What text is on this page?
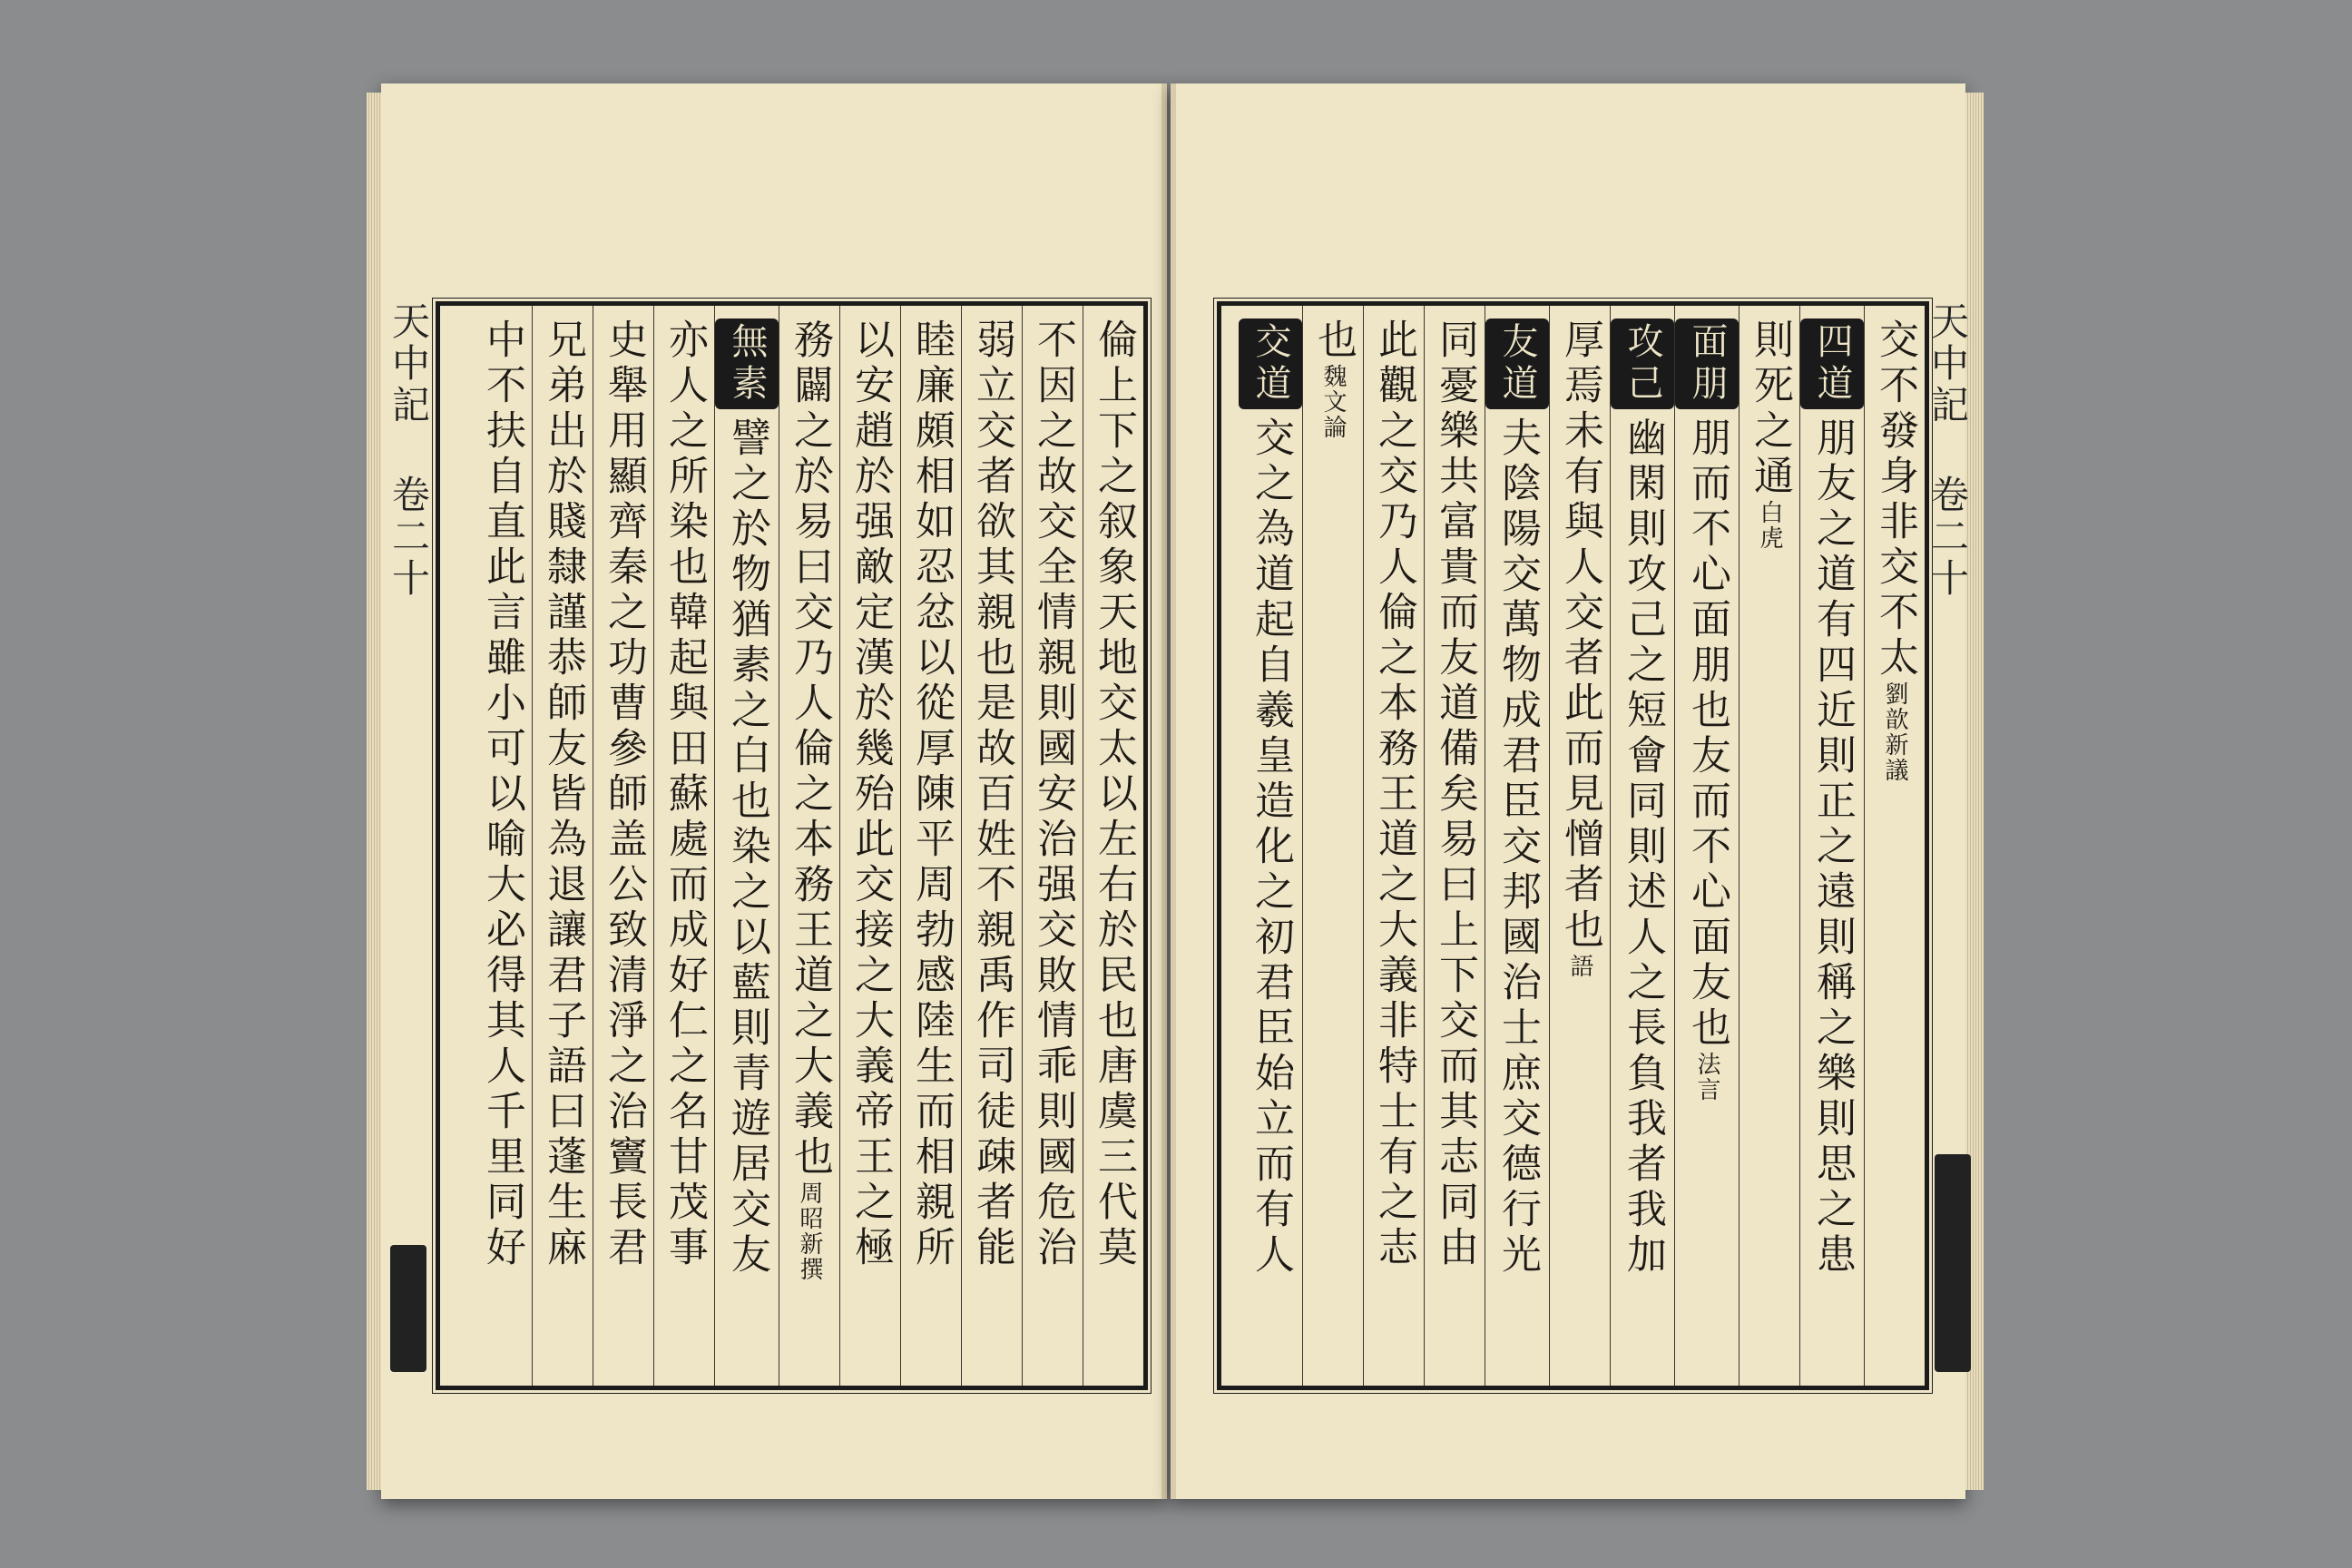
天中記 卷二十	倫上下之叙象天地交太以左右於民也唐虞三代莫
不因之故交全情親則國安治强交敗情乖則國危治
弱立交者欲其親也是故百姓不親禹作司徒疎者能
睦廉頗相如忍忿以從厚陳平周勃感陸生而相親所
以安趙於强敵定漢於幾殆此交接之大義帝王之極
務闢之於易曰交乃人倫之本務王道之大義也周昭新撰
無素譬之於物猶素之白也染之以藍則青遊居交友
亦人之所染也韓起與田蘇處而成好仁之名甘茂事
史舉用顯齊秦之功曹參師盖公致清淨之治竇長君
兄弟出於賤隸謹恭師友皆為退讓君子語曰蓬生麻
中不扶自直此言雖小可以喻大必得其人千里同好	天中記 卷二十
交不發身非交不太劉歆新議
四道朋友之道有四近則正之遠則稱之樂則思之患
則死之通白虎
面朋朋而不心面朋也友而不心面友也法言
攻己幽閑則攻己之短會同則述人之長負我者我加
厚焉未有與人交者此而見憎者也語
友道夫陰陽交萬物成君臣交邦國治士庶交德行光
同憂樂共富貴而友道備矣易曰上下交而其志同由
此觀之交乃人倫之本務王道之大義非特士有之志
也魏文論
交道交之為道起自羲皇造化之初君臣始立而有人
